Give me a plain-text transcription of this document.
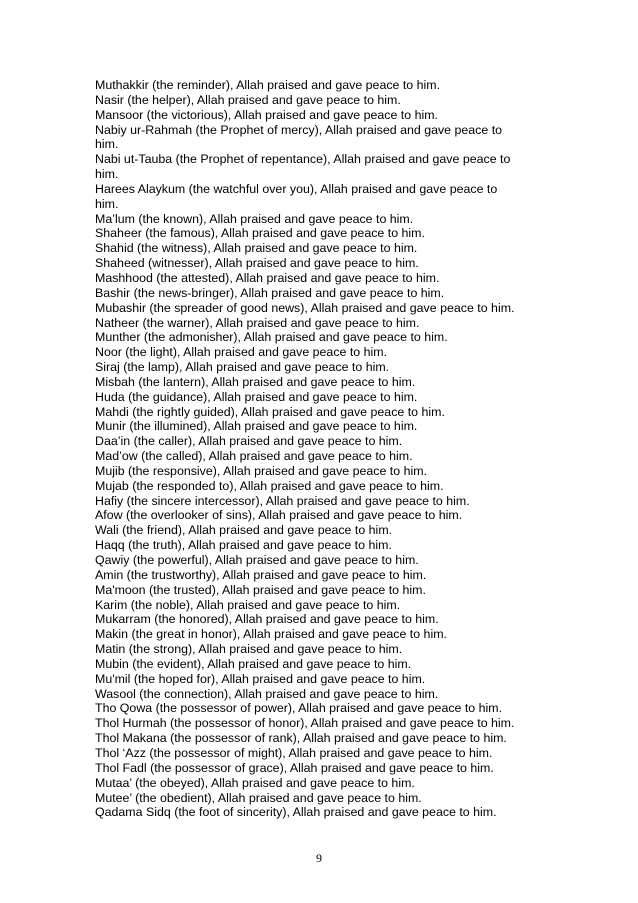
Muthakkir (the reminder), Allah praised and gave peace to him.
Nasir (the helper), Allah praised and gave peace to him.
Mansoor (the victorious), Allah praised and gave peace to him.
Nabiy ur-Rahmah (the Prophet of mercy), Allah praised and gave peace to
him.
Nabi ut-Tauba (the Prophet of repentance), Allah praised and gave peace to
him.
Harees Alaykum (the watchful over you), Allah praised and gave peace to
him.
Ma’lum (the known), Allah praised and gave peace to him.
Shaheer (the famous), Allah praised and gave peace to him.
Shahid (the witness), Allah praised and gave peace to him.
Shaheed (witnesser), Allah praised and gave peace to him.
Mashhood (the attested), Allah praised and gave peace to him.
Bashir (the news-bringer), Allah praised and gave peace to him.
Mubashir (the spreader of good news), Allah praised and gave peace to him.
Natheer (the warner), Allah praised and gave peace to him.
Munther (the admonisher), Allah praised and gave peace to him.
Noor (the light), Allah praised and gave peace to him.
Siraj (the lamp), Allah praised and gave peace to him.
Misbah (the lantern), Allah praised and gave peace to him.
Huda (the guidance), Allah praised and gave peace to him.
Mahdi (the rightly guided), Allah praised and gave peace to him.
Munir (the illumined), Allah praised and gave peace to him.
Daa’in (the caller), Allah praised and gave peace to him.
Mad’ow (the called), Allah praised and gave peace to him.
Mujib (the responsive), Allah praised and gave peace to him.
Mujab (the responded to), Allah praised and gave peace to him.
Hafiy (the sincere intercessor), Allah praised and gave peace to him.
Afow (the overlooker of sins), Allah praised and gave peace to him.
Wali (the friend), Allah praised and gave peace to him.
Haqq (the truth), Allah praised and gave peace to him.
Qawiy (the powerful), Allah praised and gave peace to him.
Amin (the trustworthy), Allah praised and gave peace to him.
Ma'moon (the trusted), Allah praised and gave peace to him.
Karim (the noble), Allah praised and gave peace to him.
Mukarram (the honored), Allah praised and gave peace to him.
Makin (the great in honor), Allah praised and gave peace to him.
Matin (the strong), Allah praised and gave peace to him.
Mubin (the evident), Allah praised and gave peace to him.
Mu'mil (the hoped for), Allah praised and gave peace to him.
Wasool (the connection), Allah praised and gave peace to him.
Tho Qowa (the possessor of power), Allah praised and gave peace to him.
Thol Hurmah (the possessor of honor), Allah praised and gave peace to him.
Thol Makana (the possessor of rank), Allah praised and gave peace to him.
Thol ‘Azz (the possessor of might), Allah praised and gave peace to him.
Thol Fadl (the possessor of grace), Allah praised and gave peace to him.
Mutaa’ (the obeyed), Allah praised and gave peace to him.
Mutee’ (the obedient), Allah praised and gave peace to him.
Qadama Sidq (the foot of sincerity), Allah praised and gave peace to him.
9
